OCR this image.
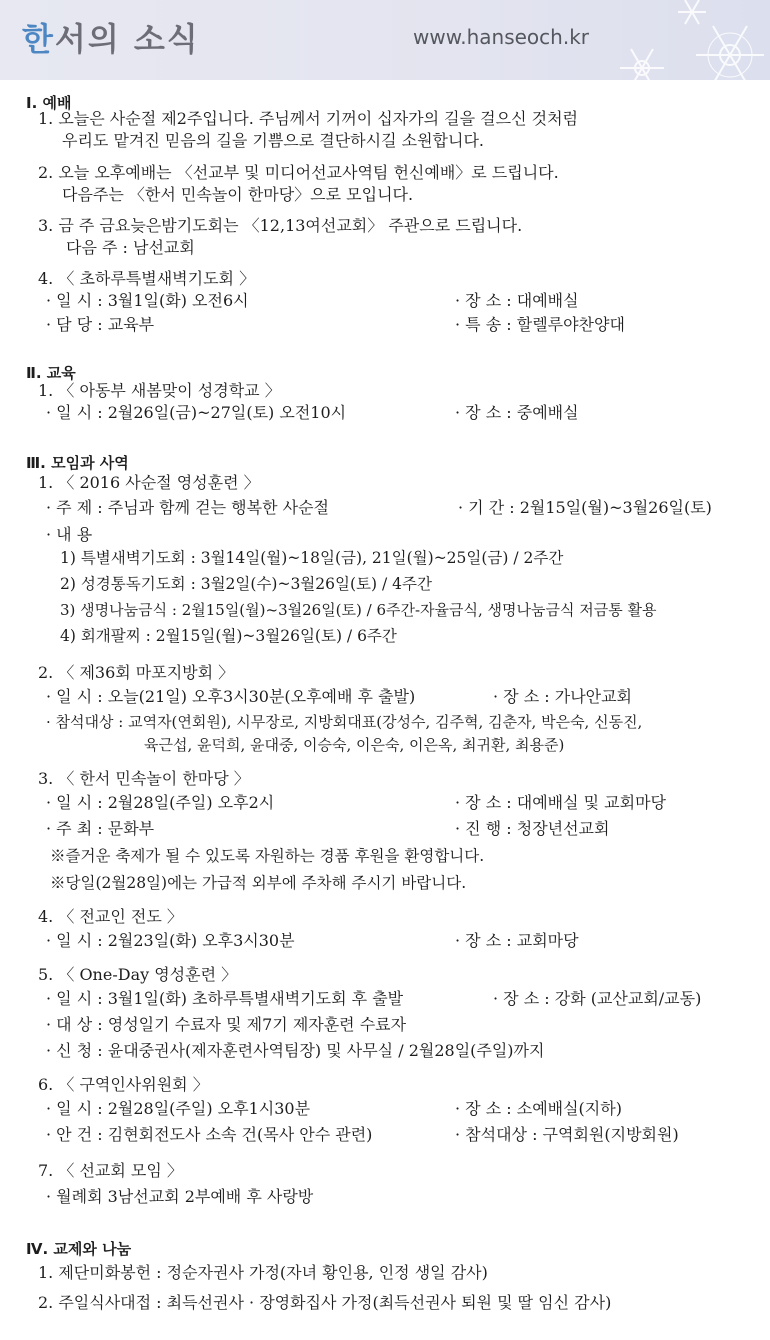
한서의 소식	www.hanseoch.kr
Ⅰ. 예배
1. 오늘은 사순절 제2주입니다. 주님께서 기꺼이 십자가의 길을 걸으신 것처럼
우리도 맡겨진 믿음의 길을 기쁨으로 결단하시길 소원합니다.
2. 오늘 오후예배는 〈선교부 및 미디어선교사역팀 헌신예배〉로 드립니다.
다음주는 〈한서 민속놀이 한마당〉으로 모입니다.
3. 금 주 금요늦은밤기도회는 〈12,13여선교회〉 주관으로 드립니다.
다음 주 : 남선교회
4. 〈 초하루특별새벽기도회 〉
· 일 시 : 3월1일(화) 오전6시	· 장 소 : 대예배실
· 담 당 : 교육부	· 특 송 : 할렐루야찬양대
Ⅱ. 교육
1. 〈 아동부 새봄맞이 성경학교 〉
· 일 시 : 2월26일(금)~27일(토) 오전10시	· 장 소 : 중예배실
Ⅲ. 모임과 사역
1. 〈 2016 사순절 영성훈련 〉
· 주 제 : 주님과 함께 걷는 행복한 사순절	· 기 간 : 2월15일(월)~3월26일(토)
· 내 용
1) 특별새벽기도회 : 3월14일(월)~18일(금), 21일(월)~25일(금) / 2주간
2) 성경통독기도회 : 3월2일(수)~3월26일(토) / 4주간
3) 생명나눔금식 : 2월15일(월)~3월26일(토) / 6주간-자율금식, 생명나눔금식 저금통 활용
4) 회개팔찌 : 2월15일(월)~3월26일(토) / 6주간
2. 〈 제36회 마포지방회 〉
· 일 시 : 오늘(21일) 오후3시30분(오후예배 후 출발)	· 장 소 : 가나안교회
· 참석대상 : 교역자(연회원), 시무장로, 지방회대표(강성수, 김주혁, 김춘자, 박은숙, 신동진,
육근섭, 윤덕희, 윤대중, 이승숙, 이은숙, 이은옥, 최귀환, 최용준)
3. 〈 한서 민속놀이 한마당 〉
· 일 시 : 2월28일(주일) 오후2시	· 장 소 : 대예배실 및 교회마당
· 주 최 : 문화부	· 진 행 : 청장년선교회
※즐거운 축제가 될 수 있도록 자원하는 경품 후원을 환영합니다.
※당일(2월28일)에는 가급적 외부에 주차해 주시기 바랍니다.
4. 〈 전교인 전도 〉
· 일 시 : 2월23일(화) 오후3시30분	· 장 소 : 교회마당
5. 〈 One-Day 영성훈련 〉
· 일 시 : 3월1일(화) 초하루특별새벽기도회 후 출발	· 장 소 : 강화 (교산교회/교동)
· 대 상 : 영성일기 수료자 및 제7기 제자훈련 수료자
· 신 청 : 윤대중권사(제자훈련사역팀장) 및 사무실 / 2월28일(주일)까지
6. 〈 구역인사위원회 〉
· 일 시 : 2월28일(주일) 오후1시30분	· 장 소 : 소예배실(지하)
· 안 건 : 김현회전도사 소속 건(목사 안수 관련)	· 참석대상 : 구역회원(지방회원)
7. 〈 선교회 모임 〉
· 월례회 3남선교회 2부예배 후 사랑방
Ⅳ. 교제와 나눔
1. 제단미화봉헌 : 정순자권사 가정(자녀 황인용, 인정 생일 감사)
2. 주일식사대접 : 최득선권사 · 장영화집사 가정(최득선권사 퇴원 및 딸 임신 감사)
